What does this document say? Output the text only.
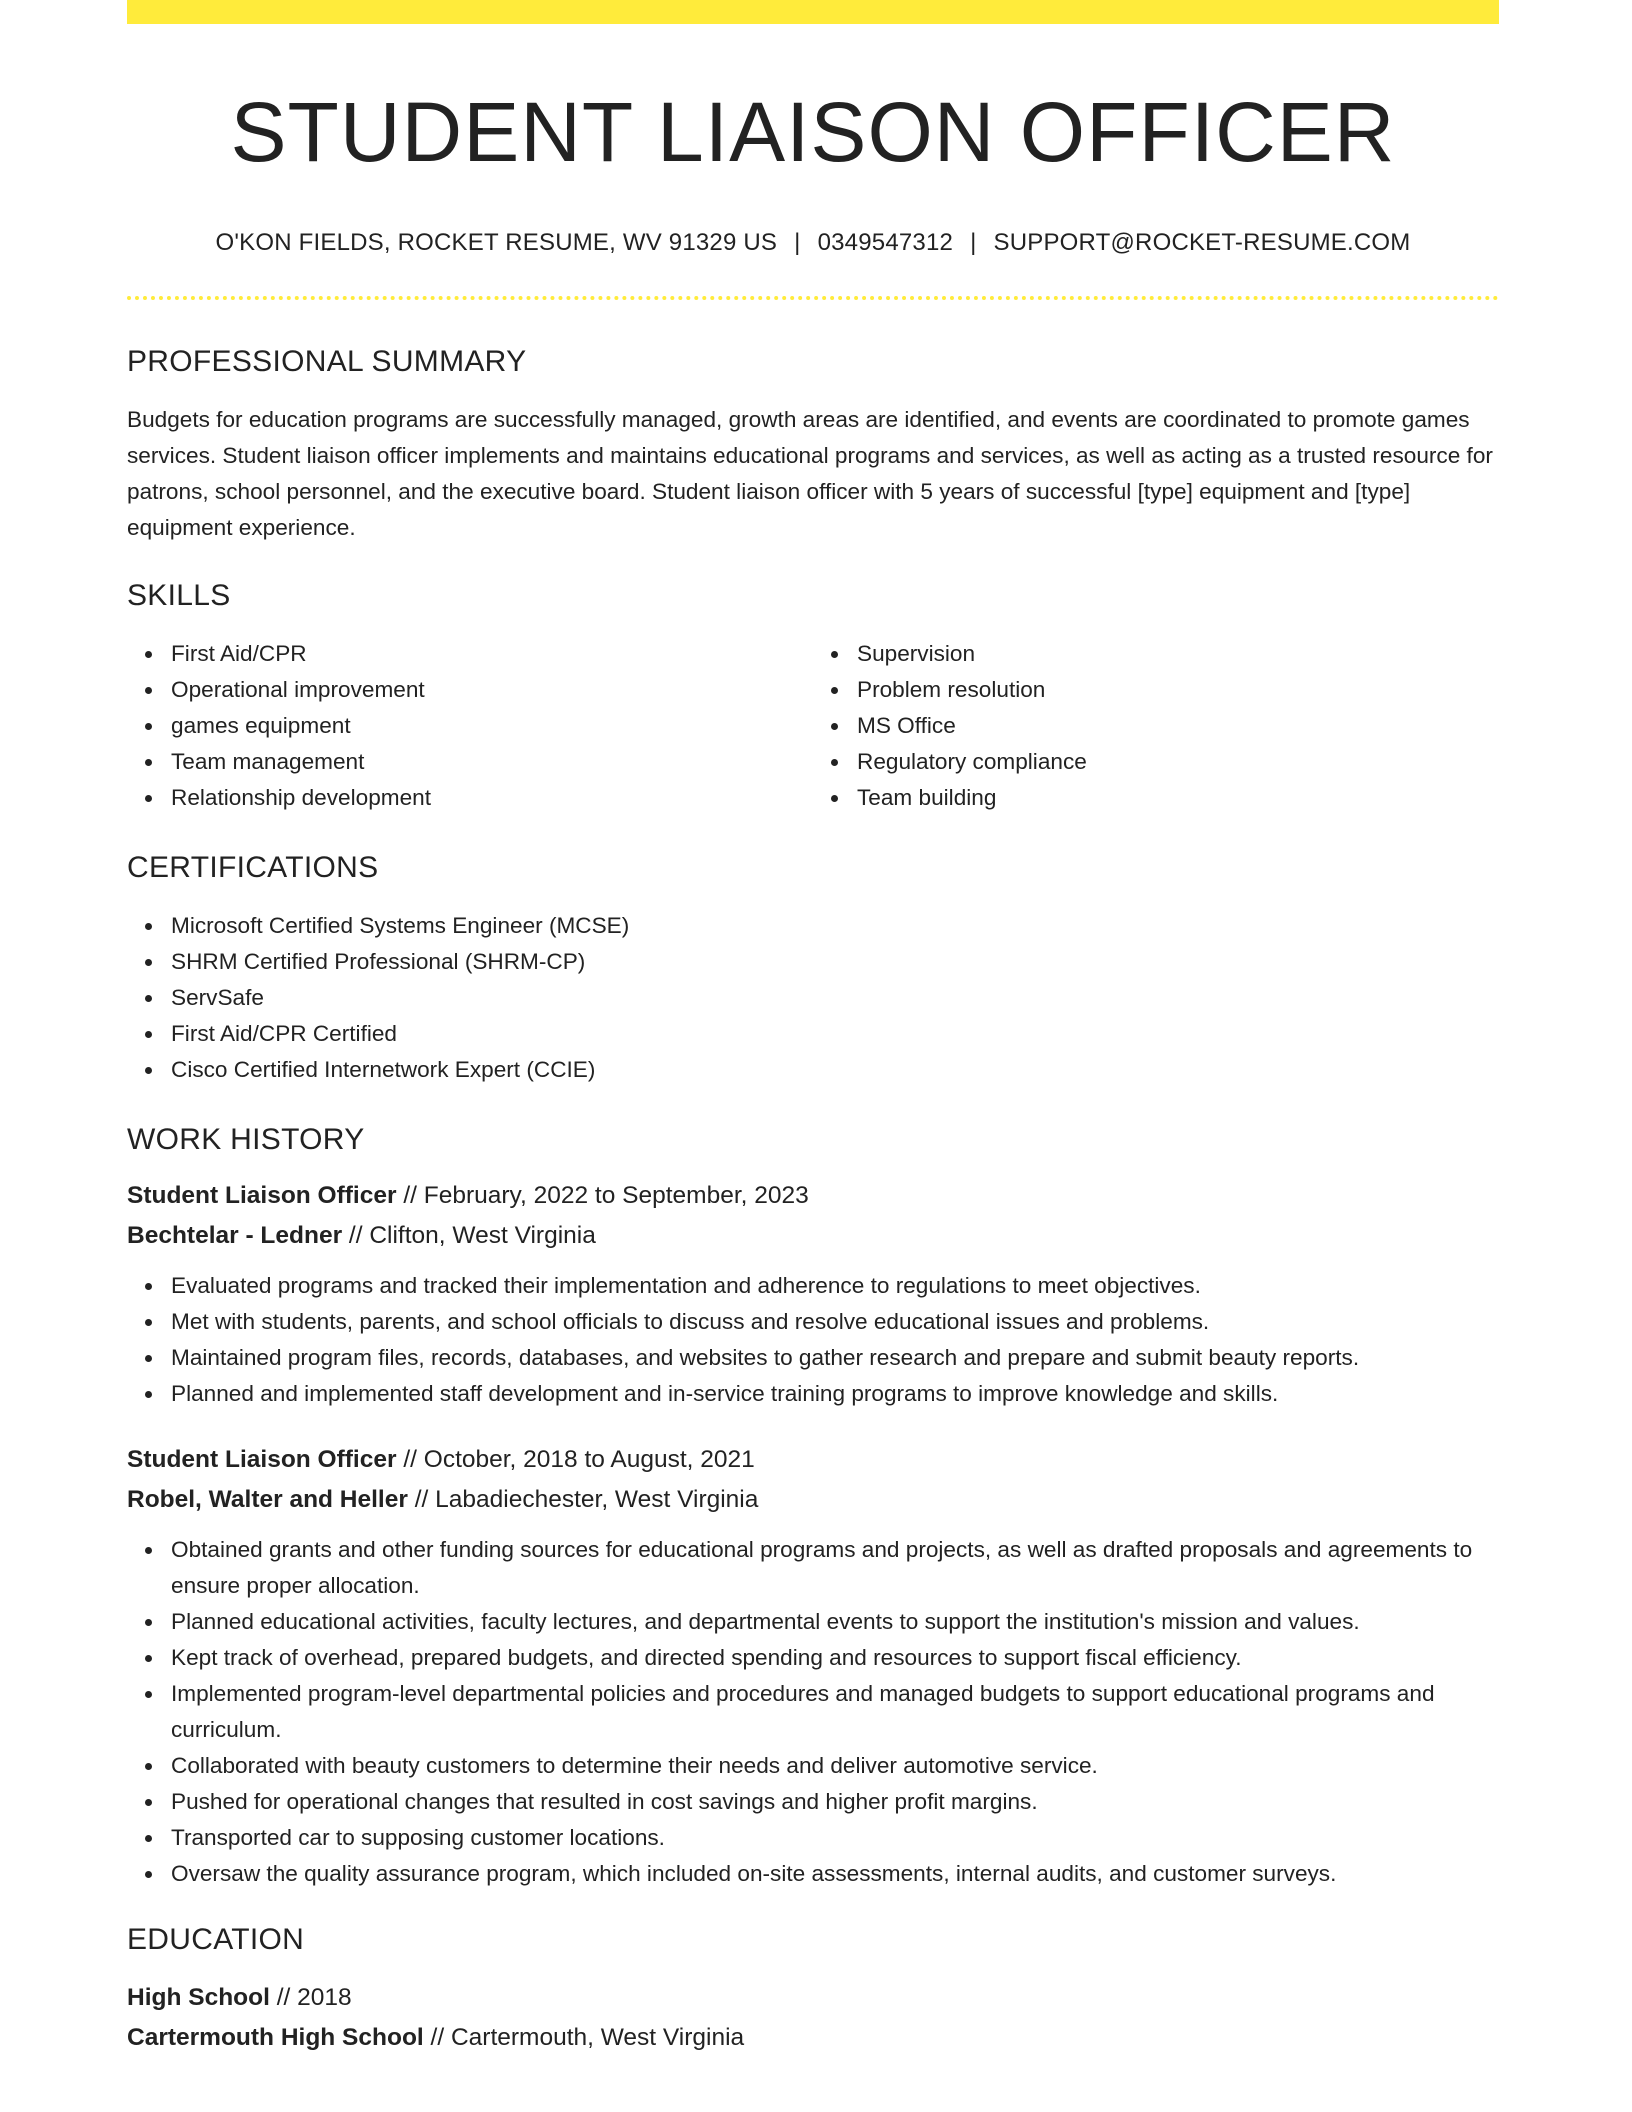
STUDENT LIAISON OFFICER
O'KON FIELDS, ROCKET RESUME, WV 91329 US | 0349547312 | SUPPORT@ROCKET-RESUME.COM
PROFESSIONAL SUMMARY

Budgets for education programs are successfully managed, growth areas are identified, and events are coordinated to promote games services. Student liaison officer implements and maintains educational programs and services, as well as acting as a trusted resource for patrons, school personnel, and the executive board. Student liaison officer with 5 years of successful [type] equipment and [type] equipment experience.

SKILLS
First Aid/CPR
Operational improvement
games equipment
Team management
Relationship development
Supervision
Problem resolution
MS Office
Regulatory compliance
Team building
CERTIFICATIONS
Microsoft Certified Systems Engineer (MCSE)
SHRM Certified Professional (SHRM-CP)
ServSafe
First Aid/CPR Certified
Cisco Certified Internetwork Expert (CCIE)
WORK HISTORY
Student Liaison Officer // February, 2022 to September, 2023
Bechtelar - Ledner // Clifton, West Virginia
Evaluated programs and tracked their implementation and adherence to regulations to meet objectives.
Met with students, parents, and school officials to discuss and resolve educational issues and problems.
Maintained program files, records, databases, and websites to gather research and prepare and submit beauty reports.
Planned and implemented staff development and in-service training programs to improve knowledge and skills.
Student Liaison Officer // October, 2018 to August, 2021
Robel, Walter and Heller // Labadiechester, West Virginia
Obtained grants and other funding sources for educational programs and projects, as well as drafted proposals and agreements to ensure proper allocation.
Planned educational activities, faculty lectures, and departmental events to support the institution's mission and values.
Kept track of overhead, prepared budgets, and directed spending and resources to support fiscal efficiency.
Implemented program-level departmental policies and procedures and managed budgets to support educational programs and curriculum.
Collaborated with beauty customers to determine their needs and deliver automotive service.
Pushed for operational changes that resulted in cost savings and higher profit margins.
Transported car to supposing customer locations.
Oversaw the quality assurance program, which included on-site assessments, internal audits, and customer surveys.
EDUCATION
High School // 2018
Cartermouth High School // Cartermouth, West Virginia
